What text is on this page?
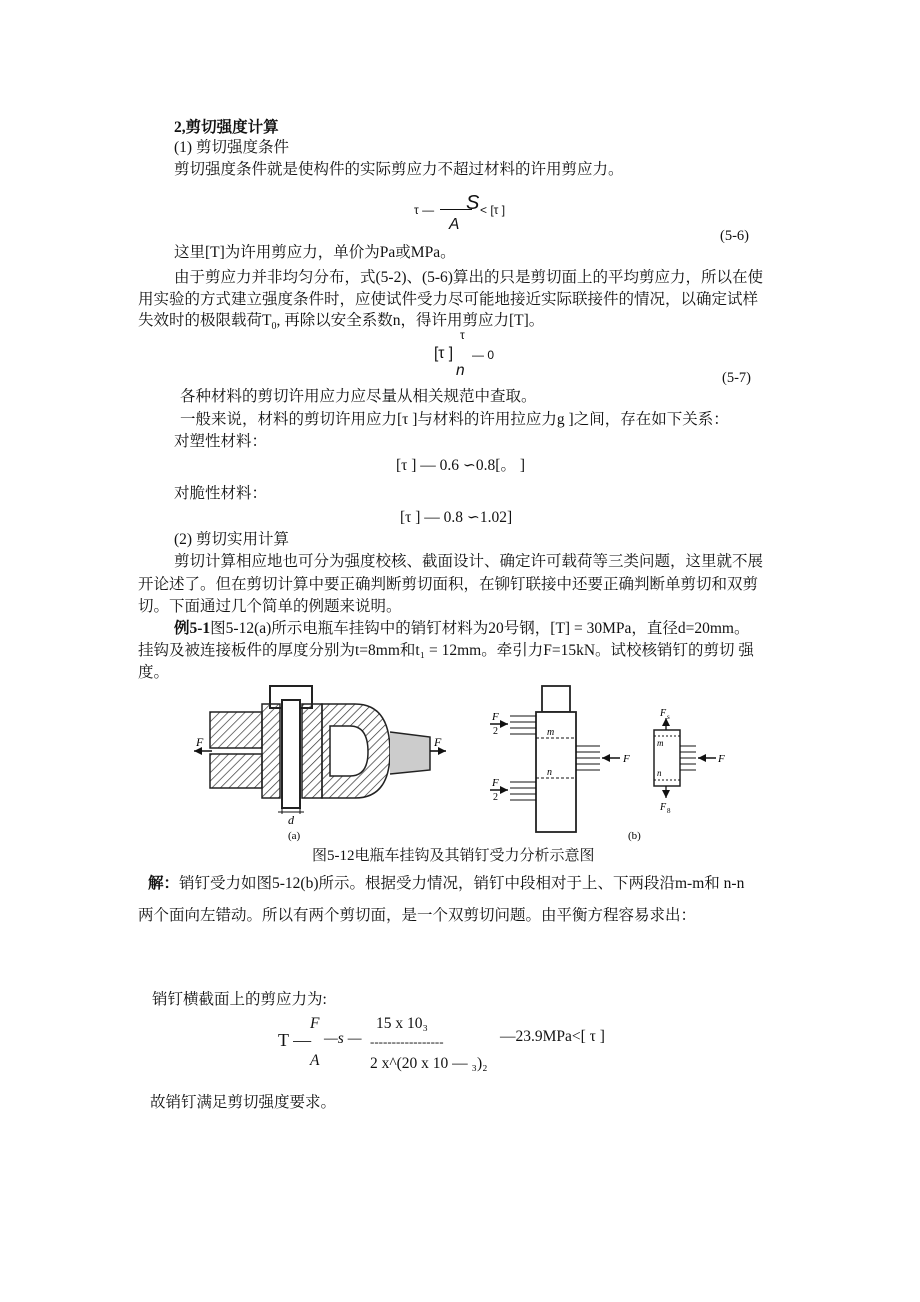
2,剪切强度计算
(1) 剪切强度条件
剪切强度条件就是使构件的实际剪应力不超过材料的许用剪应力。
τ — S
A
< [τ ]
(5-6)
这里[T]为许用剪应力，单价为Pa或MPa。
由于剪应力并非均匀分布，式(5-2)、(5-6)算出的只是剪切面上的平均剪应力，所以在使
用实验的方式建立强度条件时，应使试件受力尽可能地接近实际联接件的情况，以确定试样
失效时的极限载荷$T_0$, 再除以安全系数n，得许用剪应力[T]。
τ
[τ ] — 0
n	(5-7)
各种材料的剪切许用应力应尽量从相关规范中查取。
一般来说，材料的剪切许用应力[τ ]与材料的许用拉应力g ]之间，存在如下关系：
对塑性材料：
[τ ] — 0.6 ∽0.8[。 ]
对脆性材料：
[τ ] — 0.8 ∽1.02]
(2) 剪切实用计算
剪切计算相应地也可分为强度校核、截面设计、确定许可载荷等三类问题，这里就不展
开论述了。但在剪切计算中要正确判断剪切面积，在铆钉联接中还要正确判断单剪切和双剪
切。下面通过几个简单的例题来说明。
例5-1图5-12(a)所示电瓶车挂钩中的销钉材料为20号钢，[T] = 30MPa，直径d=20mm。
挂钩及被连接板件的厚度分别为t=8mm和t₁ = 12mm。牵引力F=15kN。试校核销钉的剪切 强
度。
F	F
d
(a)
m
n
F
2
F
2
F
(b)
m
n
F s
F 8
F
图5-12电瓶车挂钩及其销钉受力分析示意图
解：销钉受力如图5-12(b)所示。根据受力情况，销钉中段相对于上、下两段沿m-m和 n-n
两个面向左错动。所以有两个剪切面，是一个双剪切问题。由平衡方程容易求出：
销钉横截面上的剪应力为:
T —
F
A
—s —
15 x 10₃
-----------------
2 x^(20 x 10 — ₃)₂
—23.9MPa<[ τ ]
故销钉满足剪切强度要求。
